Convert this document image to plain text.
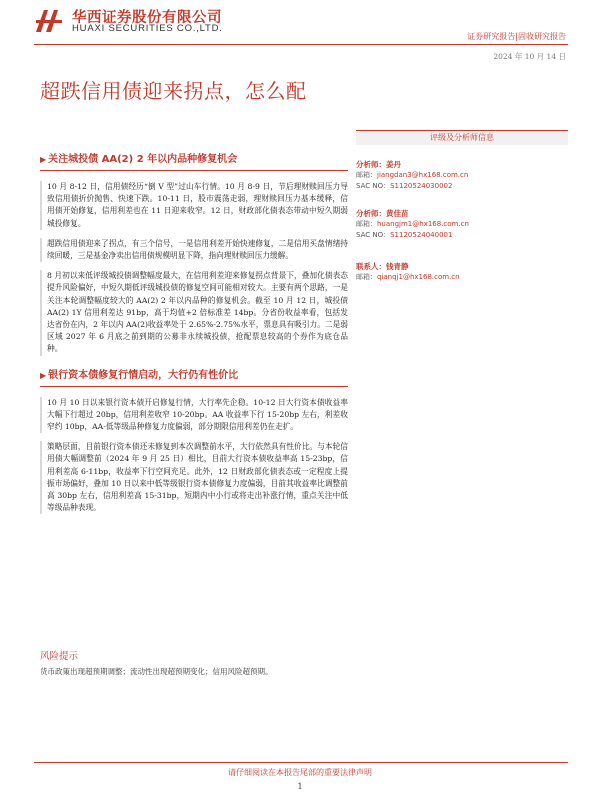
华西证券股份有限公司
HUAXI SECURITIES CO.,LTD.
证券研究报告|固收研究报告
2024 年 10 月 14 日
超跌信用债迎来拐点，怎么配
▶ 关注城投债 AA(2) 2 年以内品种修复机会
10 月 8-12 日，信用债经历“倒 V 型”过山车行情。10 月 8-9 日，节后理财赎回压力导致信用债折价抛售、快速下跌。10-11 日，股市震荡走弱，理财赎回压力基本缓释，信用债开始修复，信用利差也在 11 日迎来收窄。12 日，财政部化债表态带动中短久期弱城投修复。
超跌信用债迎来了拐点，有三个信号，一是信用利差开始快速修复，二是信用买盘情绪持续回暖，三是基金净卖出信用债规模明显下降，指向理财赎回压力缓解。
8 月初以来低评级城投债调整幅度最大，在信用利差迎来修复拐点背景下，叠加化债表态提升风险偏好，中短久期低评级城投债的修复空间可能相对较大。主要有两个思路，一是关注本轮调整幅度较大的 AA(2) 2 年以内品种的修复机会。截至 10 月 12 日，城投债 AA(2) 1Y 信用利差达 91bp，高于均值+2 倍标准差 14bp。分省份收益率看，包括发达省份在内，2 年以内 AA(2)收益率处于 2.65%-2.75%水平，票息具有吸引力。二是弱区域 2027 年 6 月底之前到期的公募非永续城投债，抢配票息较高的个券作为底仓品种。
▶ 银行资本债修复行情启动，大行仍有性价比
10 月 10 日以来银行资本债开启修复行情，大行率先企稳。10-12 日大行资本债收益率大幅下行超过 20bp，信用利差收窄 10-20bp。AA 收益率下行 15-20bp 左右，利差收窄约 10bp，AA-低等级品种修复力度偏弱，部分期限信用利差仍在走扩。
策略层面，目前银行资本债还未修复到本次调整前水平，大行依然具有性价比。与本轮信用债大幅调整前（2024 年 9 月 25 日）相比，目前大行资本债收益率高 15-23bp，信用利差高 6-11bp，收益率下行空间充足。此外，12 日财政部化债表态或一定程度上提振市场偏好，叠加 10 日以来中低等级银行资本债修复力度偏弱，目前其收益率比调整前高 30bp 左右，信用利差高 15-31bp，短期内中小行或将走出补涨行情，重点关注中低等级品种表现。
评级及分析师信息
分析师：姜丹
邮箱：jiangdan3@hx168.com.cn
SAC NO：S1120524030002
分析师：黄佳苗
邮箱：huangjm1@hx168.com.cn
SAC NO：S1120524040001
联系人：钱青静
邮箱：qianqj1@hx168.com.cn
风险提示
货币政策出现超预期调整；流动性出现超预期变化；信用风险超预期。
请仔细阅读在本报告尾部的重要法律声明
1
